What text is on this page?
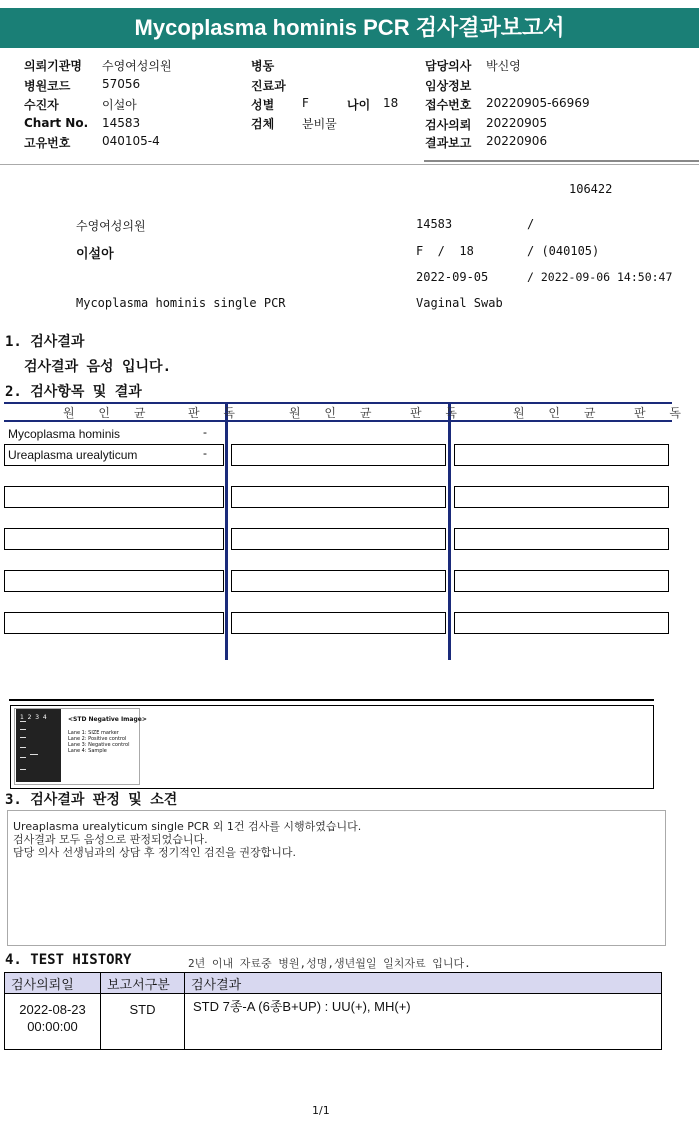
Mycoplasma hominis PCR 검사결과보고서
의뢰기관명 수영여성의원	병동	담당의사 박신영
병원코드	57056	진료과	임상정보
수진자	이설아	성별 F	나이 18 접수번호 20220905-66969
Chart No. 14583	검체 분비물	검사의뢰 20220905
고유번호	040105-4	결과보고 20220906
106422
수영여성의원	14583	/
이설아	F  /  18	/ (040105)
2022-09-05	/ 2022-09-06 14:50:47
Mycoplasma hominis single PCR	Vaginal Swab
1. 검사결과
검사결과 음성 입니다.
2. 검사항목 및 결과
원 인 균	판 독	원 인 균 판 독	원 인 균 판 독
Mycoplasma hominis	-
Ureaplasma urealyticum	-
1  2  3  4	<STD Negative Image>
Lane 1: SIZE marker
Lane 2: Positive control
Lane 3: Negative control
Lane 4: Sample
3. 검사결과 판정 및 소견
Ureaplasma urealyticum single PCR 외 1건 검사를 시행하였습니다.
검사결과 모두 음성으로 판정되었습니다.
담당 의사 선생님과의 상담 후 정기적인 검진을 권장합니다.
4. TEST HISTORY	2년 이내 자료중 병원,성명,생년월일 일치자료 입니다.
검사의뢰일	보고서구분	검사결과

2022-08-23
00:00:00	STD	STD 7종-A (6종B+UP) : UU(+), MH(+)
1/1
